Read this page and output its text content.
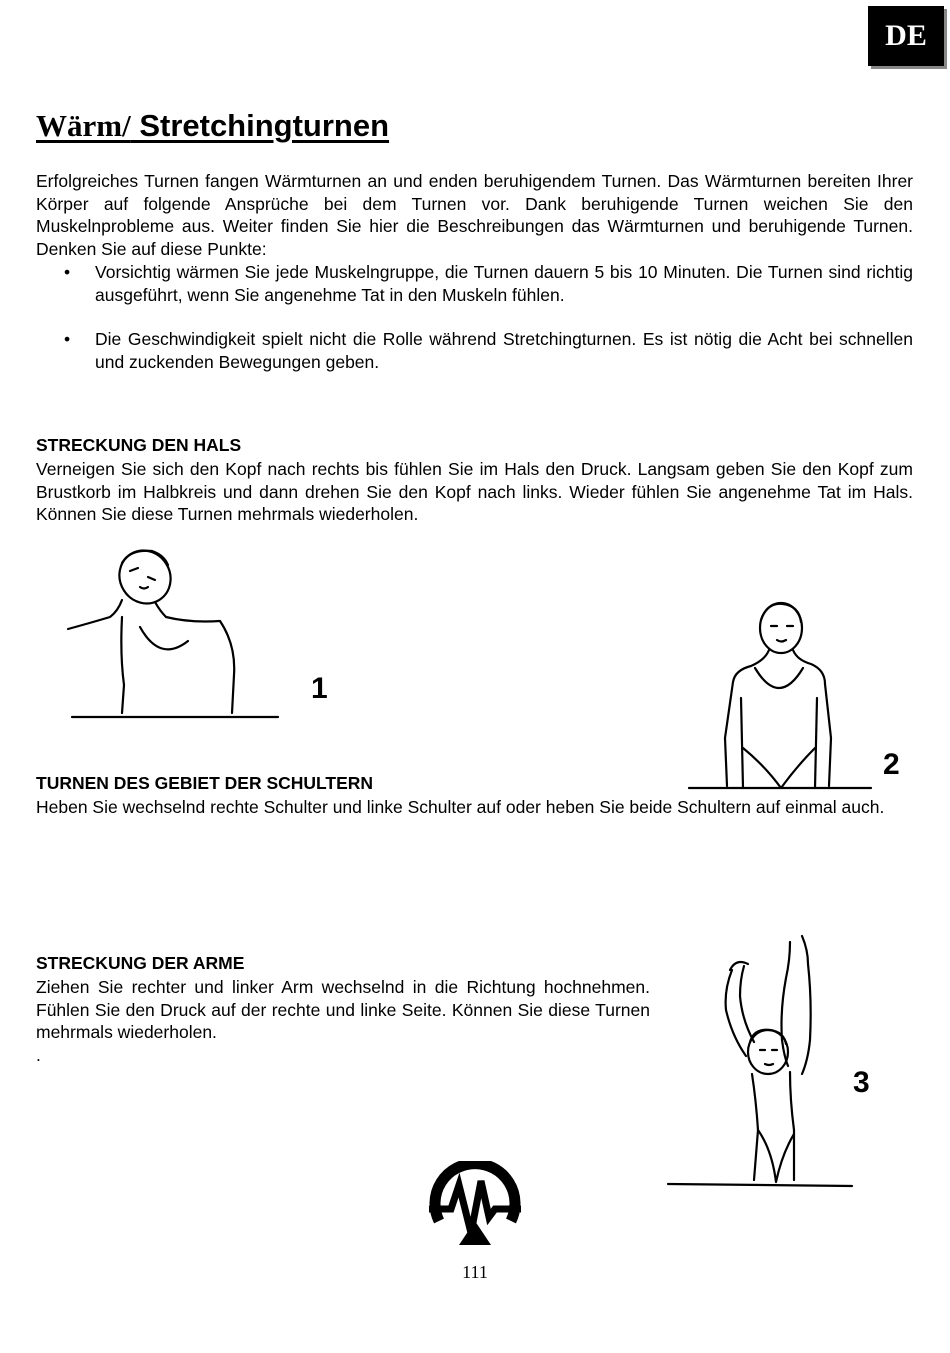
DE
Wärm/ Stretchingturnen

Erfolgreiches Turnen fangen Wärmturnen an und enden beruhigendem Turnen. Das Wärmturnen bereiten Ihrer Körper auf folgende Ansprüche bei dem Turnen vor. Dank beruhigende Turnen weichen Sie den Muskelnprobleme aus. Weiter finden Sie hier die Beschreibungen das Wärmturnen und beruhigende Turnen. Denken Sie auf diese Punkte:

• Vorsichtig wärmen Sie jede Muskelngruppe, die Turnen dauern 5 bis 10 Minuten. Die Turnen sind richtig ausgeführt, wenn Sie angenehme Tat in den Muskeln fühlen.
• Die Geschwindigkeit spielt nicht die Rolle während Stretchingturnen. Es ist nötig die Acht bei schnellen und zuckenden Bewegungen geben.
STRECKUNG DEN HALS

Verneigen Sie sich den Kopf nach rechts bis fühlen Sie im Hals den Druck. Langsam geben Sie den Kopf zum Brustkorb im Halbkreis und dann drehen Sie den Kopf nach links. Wieder fühlen Sie angenehme Tat im Hals. Können Sie diese Turnen mehrmals wiederholen.

1
TURNEN DES GEBIET DER SCHULTERN

Heben Sie wechselnd rechte Schulter und linke Schulter auf oder heben Sie beide Schultern auf einmal auch.

2
STRECKUNG DER ARME

Ziehen Sie rechter und linker Arm wechselnd in die Richtung hochnehmen. Fühlen Sie den Druck auf der rechte und linke Seite. Können Sie diese Turnen mehrmals wiederholen.

.

3
111
